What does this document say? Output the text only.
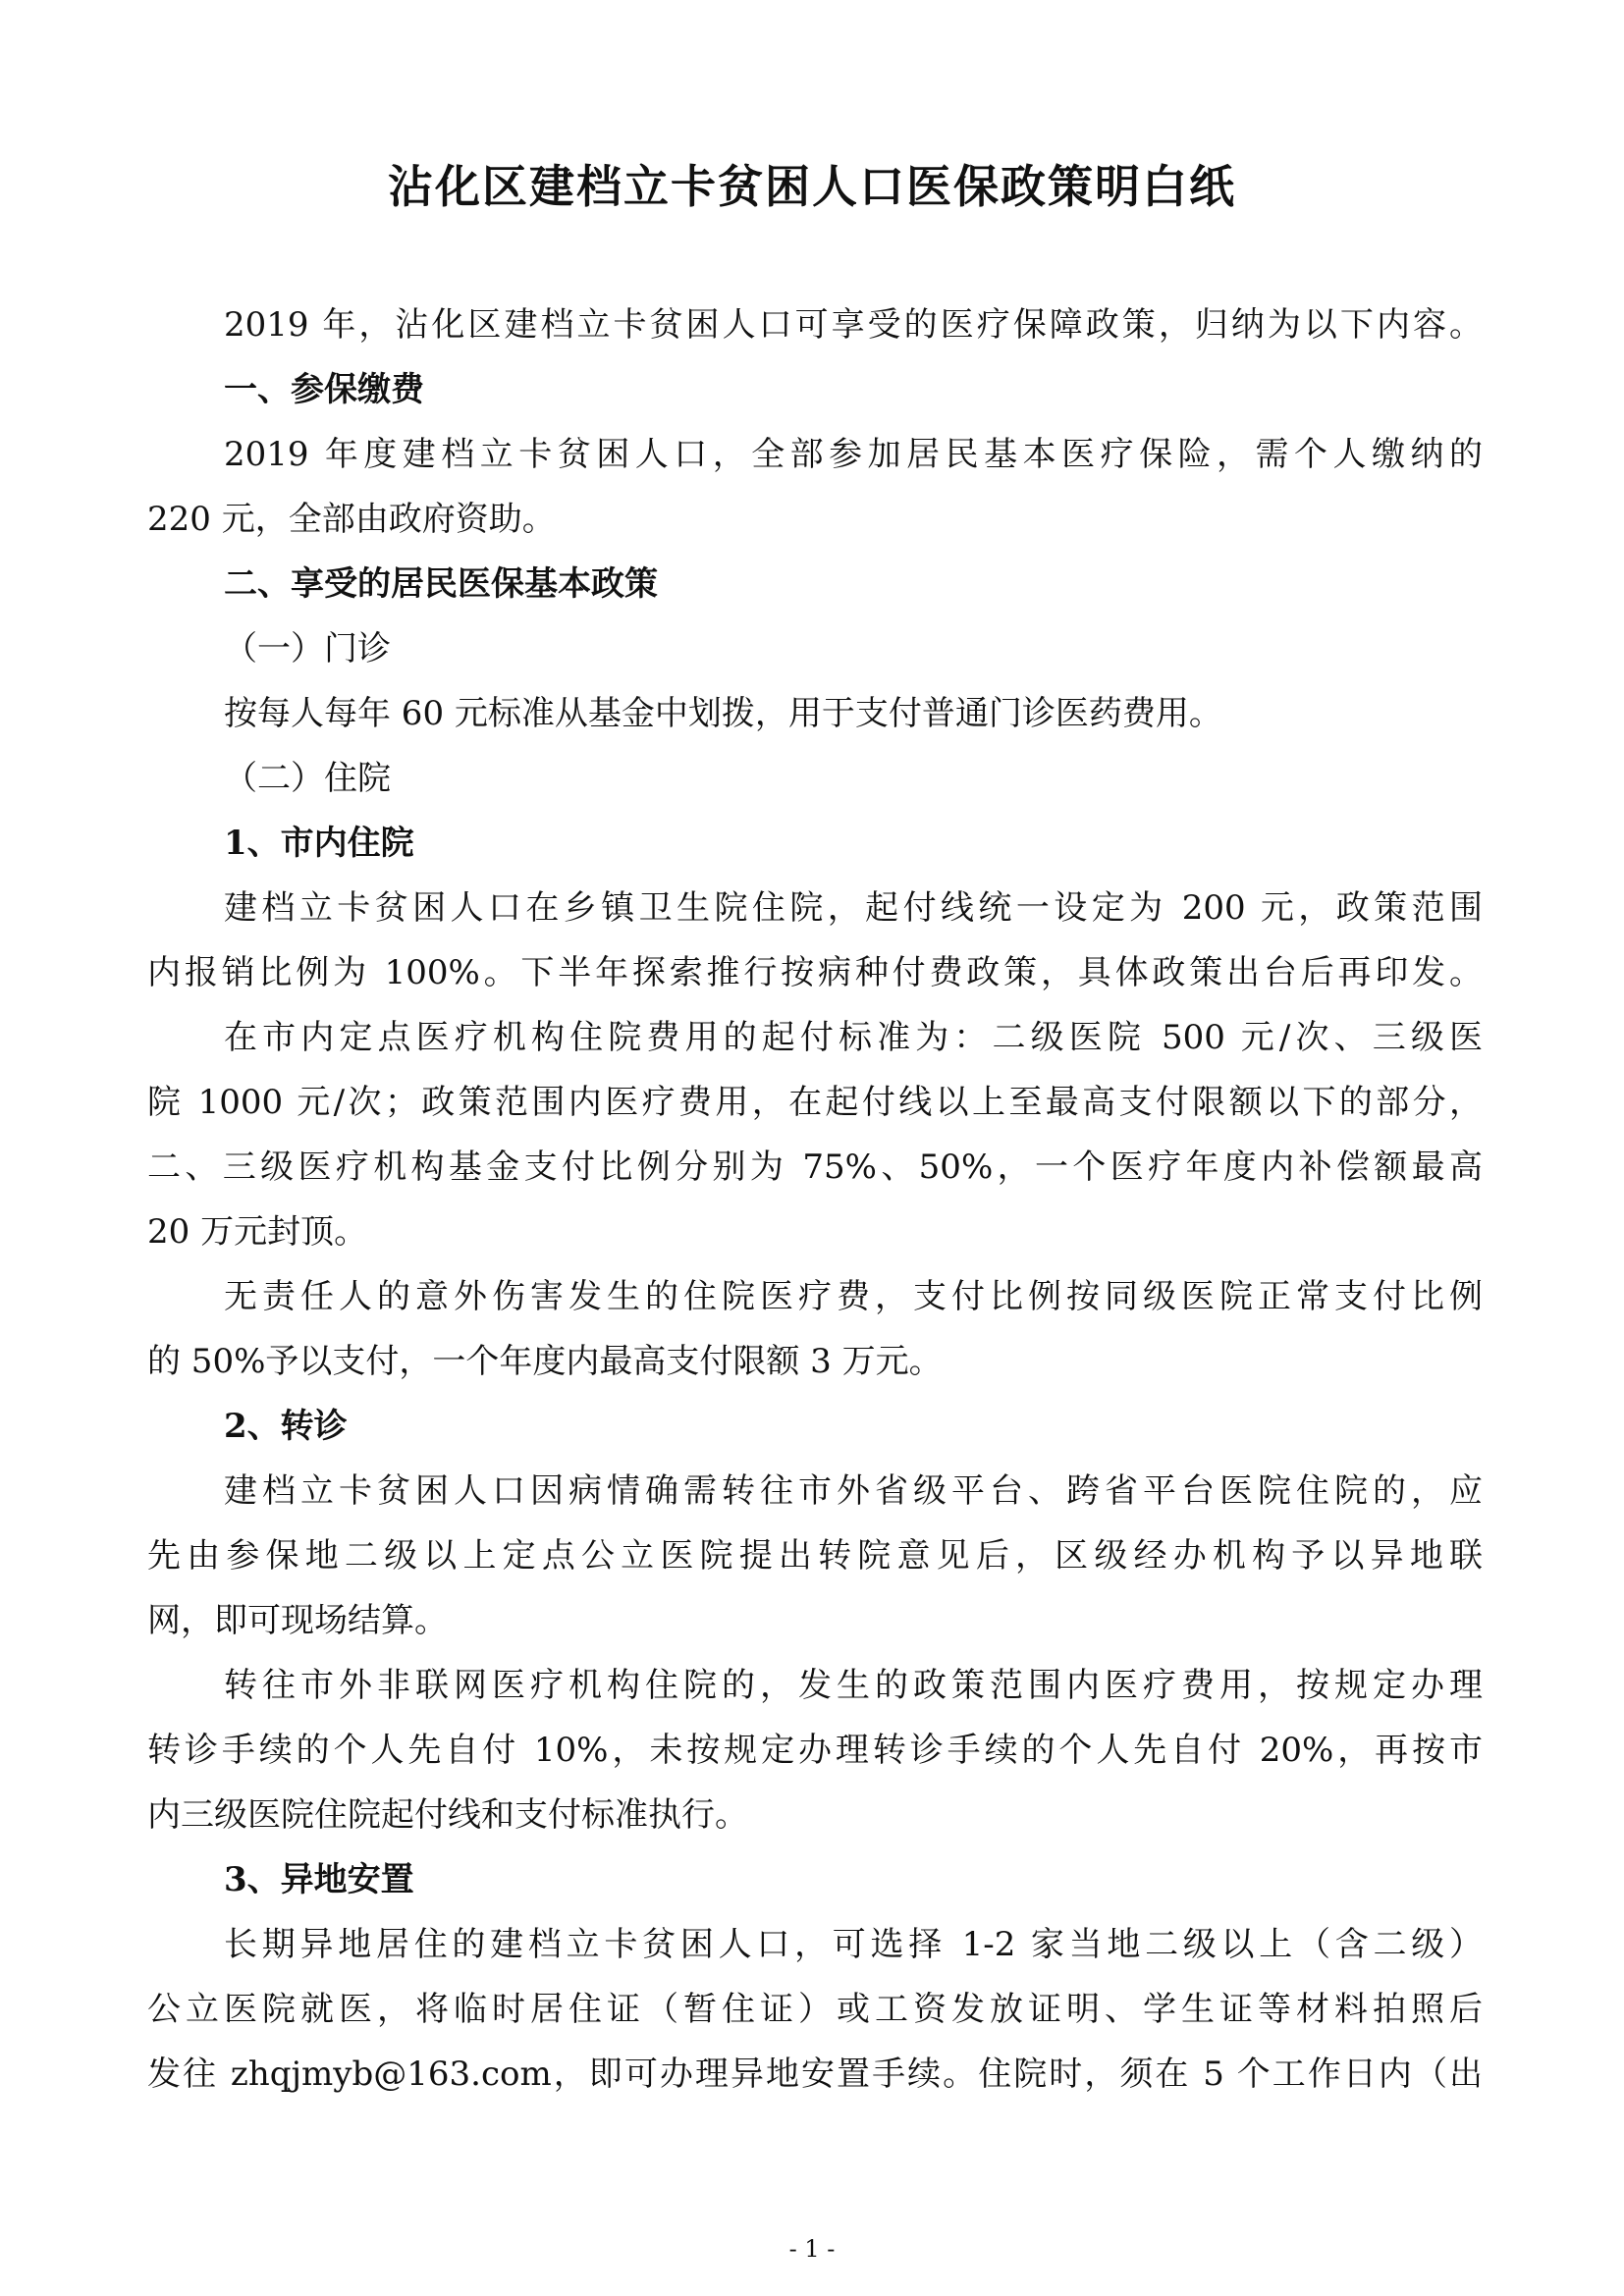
沾化区建档立卡贫困人口医保政策明白纸
2019 年，沾化区建档立卡贫困人口可享受的医疗保障政策，归纳为以下内容。
一、参保缴费
2019 年度建档立卡贫困人口，全部参加居民基本医疗保险，需个人缴纳的
220 元，全部由政府资助。
二、享受的居民医保基本政策
（一）门诊
按每人每年 60 元标准从基金中划拨，用于支付普通门诊医药费用。
（二）住院
1、市内住院
建档立卡贫困人口在乡镇卫生院住院，起付线统一设定为 200 元，政策范围
内报销比例为 100%。下半年探索推行按病种付费政策，具体政策出台后再印发。
在市内定点医疗机构住院费用的起付标准为：二级医院 500 元/次、三级医
院 1000 元/次；政策范围内医疗费用，在起付线以上至最高支付限额以下的部分，
二、三级医疗机构基金支付比例分别为 75%、50%，一个医疗年度内补偿额最高
20 万元封顶。
无责任人的意外伤害发生的住院医疗费，支付比例按同级医院正常支付比例
的 50%予以支付，一个年度内最高支付限额 3 万元。
2、转诊
建档立卡贫困人口因病情确需转往市外省级平台、跨省平台医院住院的，应
先由参保地二级以上定点公立医院提出转院意见后，区级经办机构予以异地联
网，即可现场结算。
转往市外非联网医疗机构住院的，发生的政策范围内医疗费用，按规定办理
转诊手续的个人先自付 10%，未按规定办理转诊手续的个人先自付 20%，再按市
内三级医院住院起付线和支付标准执行。
3、异地安置
长期异地居住的建档立卡贫困人口，可选择 1-2 家当地二级以上（含二级）
公立医院就医，将临时居住证（暂住证）或工资发放证明、学生证等材料拍照后
发往 zhqjmyb@163.com，即可办理异地安置手续。住院时，须在 5 个工作日内（出
- 1 -
